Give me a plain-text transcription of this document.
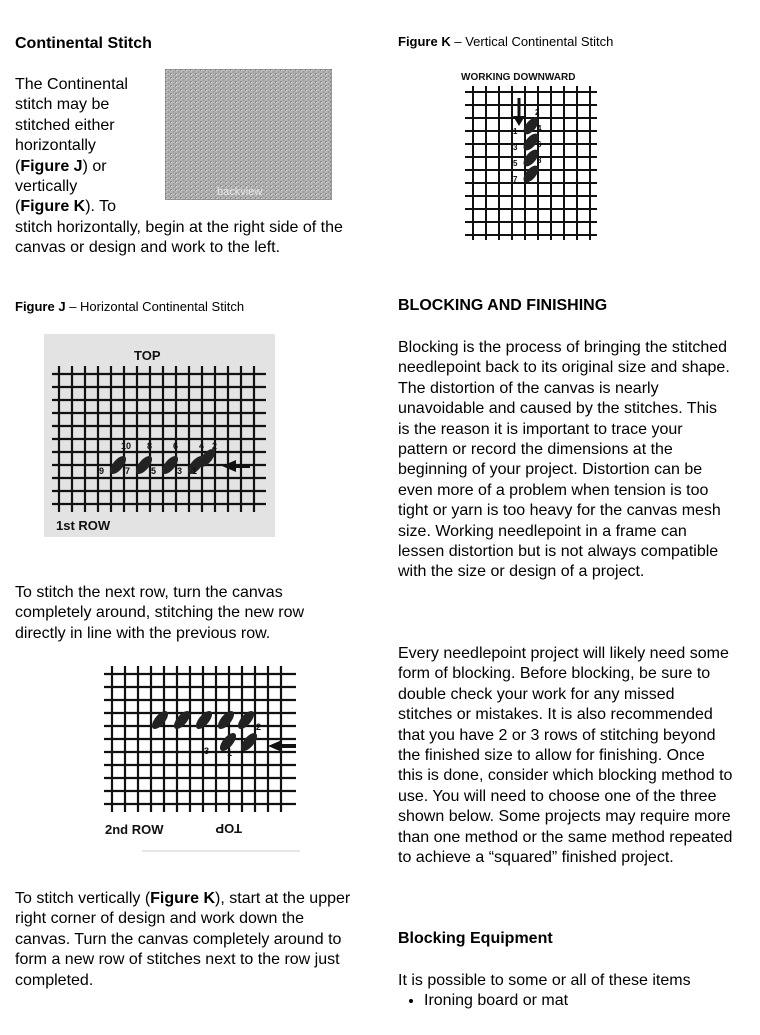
Continental Stitch
The Continental
stitch may be
stitched either
horizontally
(Figure J) or
vertically
(Figure K). To
stitch horizontally, begin at the right side of the canvas or design and work to the left.
backview
Figure J – Horizontal Continental Stitch
TOP
1st ROW
10 8 6 4 2
9 7 5 3 1
To stitch the next row, turn the canvas completely around, stitching the new row directly in line with the previous row.
2
3 1
2nd ROW	TOP
To stitch vertically (Figure K), start at the upper right corner of design and work down the canvas. Turn the canvas completely around to form a new row of stitches next to the row just completed.
Figure K – Vertical Continental Stitch
WORKING DOWNWARD
2
1 4
3 6
5 8
7
BLOCKING AND FINISHING
Blocking is the process of bringing the stitched needlepoint back to its original size and shape. The distortion of the canvas is nearly unavoidable and caused by the stitches. This is the reason it is important to trace your pattern or record the dimensions at the beginning of your project. Distortion can be even more of a problem when tension is too tight or yarn is too heavy for the canvas mesh size. Working needlepoint in a frame can lessen distortion but is not always compatible with the size or design of a project.
Every needlepoint project will likely need some form of blocking. Before blocking, be sure to double check your work for any missed stitches or mistakes. It is also recommended that you have 2 or 3 rows of stitching beyond the finished size to allow for finishing. Once this is done, consider which blocking method to use. You will need to choose one of the three shown below. Some projects may require more than one method or the same method repeated to achieve a “squared” finished project.
Blocking Equipment
It is possible to some or all of these items
• Ironing board or mat
